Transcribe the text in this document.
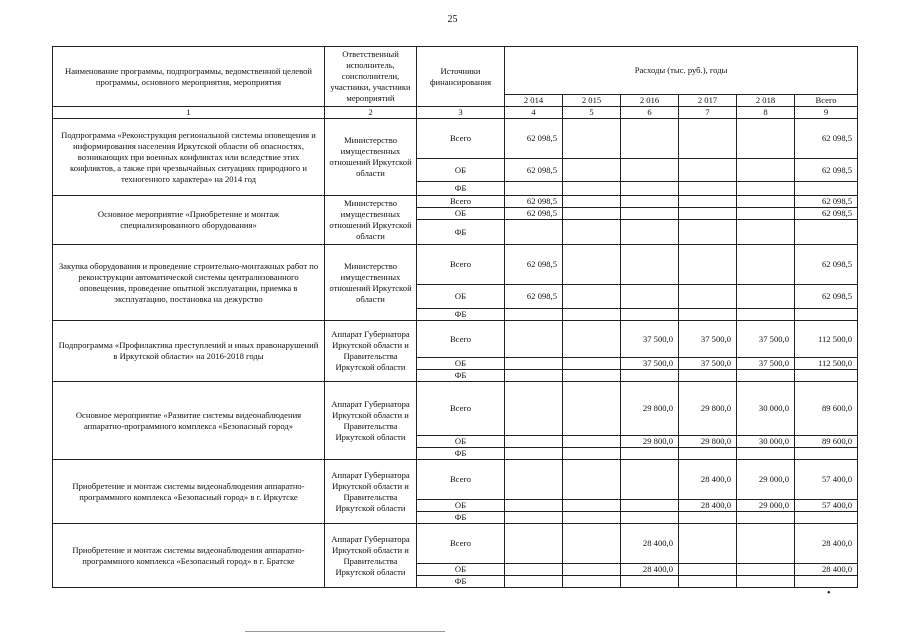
25
Наименование программы, подпрограммы, ведомственной целевой программы, основного мероприятия, мероприятия	Ответственный исполнитель, соисполнители, участники, участники мероприятий	Источники финансирования	Расходы (тыс. руб.), годы					
			2 014	2 015	2 016	2 017	2 018	Всего
1	2	3	4	5	6	7	8	9
Подпрограмма «Реконструкция региональной системы оповещения и информирования населения Иркутской области об опасностях, возникающих при военных конфликтах или вследствие этих конфликтов, а также при чрезвычайных ситуациях природного и техногенного характера» на 2014 год	Министерство имущественных отношений Иркутской области	Всего	62 098,5					62 098,5
		ОБ	62 098,5					62 098,5
		ФБ						
Основное мероприятие «Приобретение и монтаж специализированного оборудования»	Министерство имущественных отношений Иркутской области	Всего	62 098,5					62 098,5
		ОБ	62 098,5					62 098,5
		ФБ						
Закупка оборудования и проведение строительно-монтажных работ по реконструкции автоматической системы централизованного оповещения, проведение опытной эксплуатации, приемка в эксплуатацию, постановка на дежурство	Министерство имущественных отношений Иркутской области	Всего	62 098,5					62 098,5
		ОБ	62 098,5					62 098,5
		ФБ						
Подпрограмма «Профилактика преступлений и иных правонарушений в Иркутской области» на 2016-2018 годы	Аппарат Губернатора Иркутской области и Правительства Иркутской области	Всего			37 500,0	37 500,0	37 500,0	112 500,0
		ОБ			37 500,0	37 500,0	37 500,0	112 500,0
		ФБ						
Основное мероприятие «Развитие системы видеонаблюдения аппаратно-программного комплекса «Безопасный город»	Аппарат Губернатора Иркутской области и Правительства Иркутской области	Всего			29 800,0	29 800,0	30 000,0	89 600,0
		ОБ			29 800,0	29 800,0	30 000,0	89 600,0
		ФБ						
Приобретение и монтаж системы видеонаблюдения аппаратно-программного комплекса «Безопасный город» в г. Иркутске	Аппарат Губернатора Иркутской области и Правительства Иркутской области	Всего				28 400,0	29 000,0	57 400,0
		ОБ				28 400,0	29 000,0	57 400,0
		ФБ						
Приобретение и монтаж системы видеонаблюдения аппаратно-программного комплекса «Безопасный город» в г. Братске	Аппарат Губернатора Иркутской области и Правительства Иркутской области	Всего			28 400,0			28 400,0
		ОБ			28 400,0			28 400,0
		ФБ						
•
